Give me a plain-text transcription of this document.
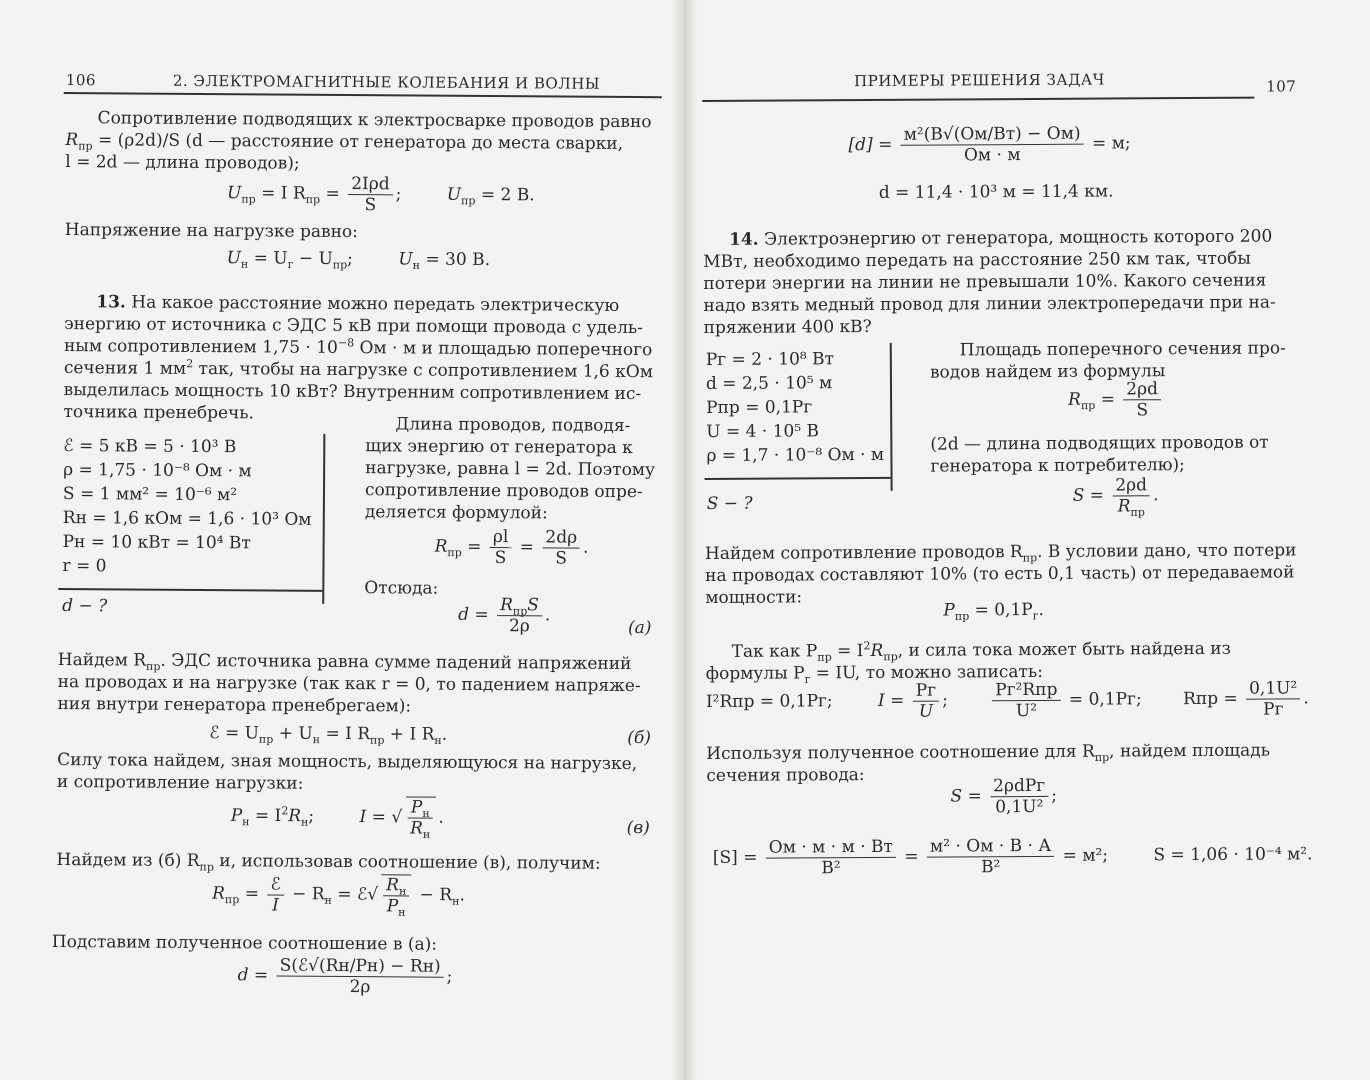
106	2. ЭЛЕКТРОМАГНИТНЫЕ КОЛЕБАНИЯ И ВОЛНЫ
Сопротивление подводящих к электросварке проводов равно
$R_{пр} = (\rho 2d)/S$ (d — расстояние от генератора до места сварки,
l = 2d — длина проводов);
$U_{пр} = I$ $R_{пр} = \frac{\text{2Iρd}}{S}$ ;	$U_{пр} = 2$ В.
Напряжение на нагрузке равно:
$U_н = U_г - U_{пр}$;	$U_н = 30$ В.
13. На какое расстояние можно передать электрическую
энергию от источника с ЭДС 5 кВ при помощи провода с удель-
ным сопротивлением $1,75 \cdot 10^{-8}$ Ом · м и площадью поперечного
сечения 1 $мм^2$ так, чтобы на нагрузке с сопротивлением 1,6 кОм
выделилась мощность 10 кВт? Внутренним сопротивлением ис-
точника пренебречь.
ℰ = 5 кВ = 5 · 10³ В
ρ = 1,75 · 10⁻⁸ Ом · м
S = 1 мм² = 10⁻⁶ м²
Rн = 1,6 кОм = 1,6 · 10³ Ом
Pн = 10 кВт = 10⁴ Вт
r = 0
d − ?
Длина проводов, подводя-
щих энергию от генератора к
нагрузке, равна l = 2d. Поэтому
сопротивление проводов опре-
деляется формулой:
$R_{пр} = \frac{\rho l}{S} = \frac{2d\rho}{S}$ .
Отсюда:
$d = \frac{R_{пр}S}{2\rho}$ .
(а)
Найдем $R_{пр}$. ЭДС источника равна сумме падений напряжений
на проводах и на нагрузке (так как r = 0, то падением напряже-
ния внутри генератора пренебрегаем):
ℰ = $U_{пр} + U_н = I$ $R_{пр} + I$ $R_н$.	(б)
Силу тока найдем, зная мощность, выделяющуюся на нагрузке,
и сопротивление нагрузки:
$P_н = I^2R_н$;	I = √ $\frac{P_н}{R_н}$ .
(в)
Найдем из (б) $R_{пр}$ и, использовав соотношение (в), получим:
$R_{пр} = \frac{\text{ℰ}}{I} - R_н$ = ℰ√ $\frac{R_н}{P_н} - R_н$.
Подставим полученное соотношение в (а):
$d = \frac{\text{S(ℰ√(Rн/Pн) − Rн)}}{2\rho}$ ;
ПРИМЕРЫ РЕШЕНИЯ ЗАДАЧ	107
$[d] = \frac{\text{м²(В√(Ом/Вт) − Ом)}}{Ом \cdot м} = м$;
d = 11,4 · 10³ м = 11,4 км.
14. Электроэнергию от генератора, мощность которого 200
МВт, необходимо передать на расстояние 250 км так, чтобы
потери энергии на линии не превышали 10%. Какого сечения
надо взять медный провод для линии электропередачи при на-
пряжении 400 кВ?
Pг = 2 · 10⁸ Вт
d = 2,5 · 10⁵ м
Pпр = 0,1Pг
U = 4 · 10⁵ В
ρ = 1,7 · 10⁻⁸ Ом · м
S − ?
Площадь поперечного сечения про-
водов найдем из формулы
$R_{пр} = \frac{2\rho d}{S}$
(2d — длина подводящих проводов от
генератора к потребителю);
$S = \frac{2\rho d}{R_{пр}}$ .
Найдем сопротивление проводов $R_{пр}$. В условии дано, что потери
на проводах составляют 10% (то есть 0,1 часть) от передаваемой
мощности:
$P_{пр} = 0,1P_г$.
Так как $P_{пр} = I^2R_{пр}$, и сила тока может быть найдена из
формулы $P_г$ = IU, то можно записать:
I²Rпр = 0,1Pг;	$I = \frac{Pг}{U}$ ;	$\frac{\text{Pг²Rпр}}{\text{U²}} = 0,1Pг$; Rпр = $\frac{\text{0,1U²}}{Pг}$ .
Используя полученное соотношение для $R_{пр}$, найдем площадь
сечения провода:
$S = \frac{\text{2ρdPг}}{\text{0,1U²}}$ ;
$[S] = \frac{Ом \cdot м \cdot м \cdot Вт}{\text{В²}} = \frac{\text{м² · Ом · В · А}}{\text{В²}} = м^2$;	S = 1,06 · 10⁻⁴ м².
